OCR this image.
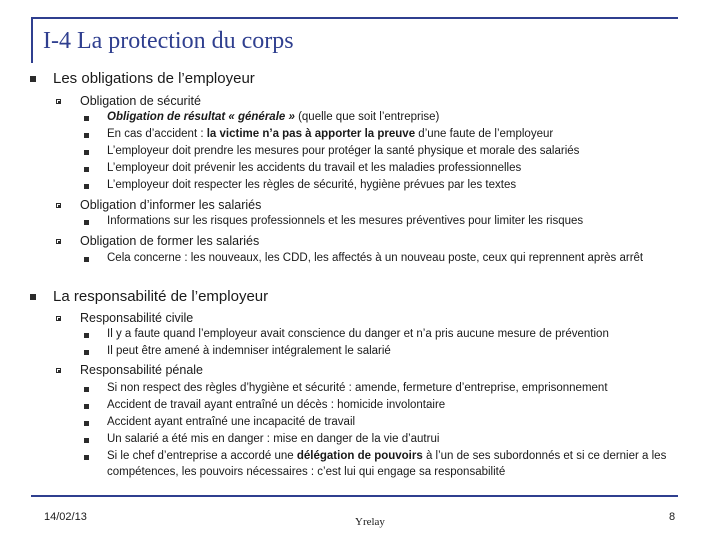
I-4 La protection du corps
Les obligations de l’employeur
Obligation de sécurité
Obligation de résultat « générale » (quelle que soit l’entreprise)
En cas d’accident : la victime n’a pas à apporter la preuve d’une faute de l’employeur
L’employeur doit prendre les mesures pour protéger la santé physique et morale des salariés
L’employeur doit prévenir les accidents du travail et les maladies professionnelles
L’employeur doit respecter les règles de sécurité, hygiène prévues par les textes
Obligation d’informer les salariés
Informations sur les risques professionnels et les mesures préventives pour limiter les risques
Obligation de former les salariés
Cela concerne : les nouveaux, les CDD, les affectés à un nouveau poste, ceux qui reprennent après arrêt
La responsabilité de l’employeur
Responsabilité civile
Il y a faute quand l’employeur avait conscience du danger et n’a pris aucune mesure de prévention
Il peut être amené à indemniser intégralement le salarié
Responsabilité pénale
Si non respect des règles d’hygiène et sécurité : amende, fermeture d’entreprise, emprisonnement
Accident de travail ayant entraîné un décès : homicide involontaire
Accident ayant entraîné une incapacité de travail
Un salarié a été mis en danger : mise en danger de la vie d’autrui
Si le chef d’entreprise a accordé une délégation de pouvoirs à l’un de ses subordonnés et si ce dernier a les
compétences, les pouvoirs nécessaires : c’est lui qui engage sa responsabilité
14/02/13	Yrelay	8
